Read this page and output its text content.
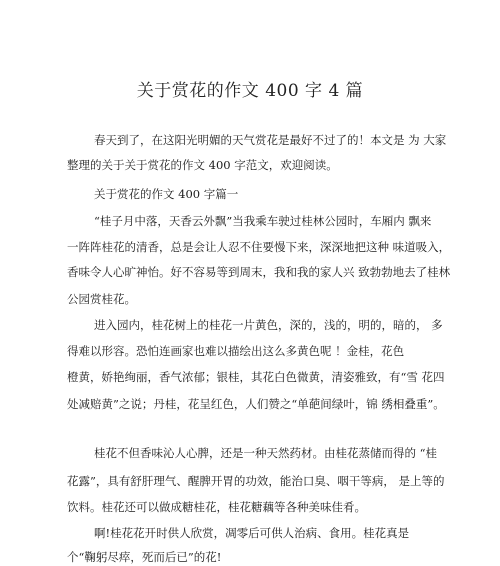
关于赏花的作文 400 字 4 篇
春天到了，在这阳光明媚的天气赏花是最好不过了的！本文是 为 大家
整理的关于关于赏花的作文 400 字范文，欢迎阅读。
关于赏花的作文 400 字篇一
“桂子月中落，天香云外飘”当我乘车驶过桂林公园时，车厢内 飘来
一阵阵桂花的清香，总是会让人忍不住要慢下来，深深地把这种 味道吸入，
香味令人心旷神怡。好不容易等到周末，我和我的家人兴 致勃勃地去了桂林
公园赏桂花。
进入园内，桂花树上的桂花一片黄色，深的，浅的，明的，暗的， 多
得难以形容。恐怕连画家也难以描绘出这么多黄色呢 ！金桂，花色
橙黄，娇艳绚丽，香气浓郁；银桂，其花白色微黄，清姿雅致，有“雪 花四
处减赔黄”之说；丹桂，花呈红色，人们赞之“单葩间绿叶，锦 绣相叠重”。
桂花不但香味沁人心脾，还是一种天然药材。由桂花蒸储而得的 “桂
花露”，具有舒肝理气、醒脾开胃的功效，能治口臭、咽干等病， 是上等的
饮料。桂花还可以做成糖桂花，桂花糖藕等各种美味佳肴。
啊!桂花花开时供人欣赏，凋零后可供人治病、食用。桂花真是
个“鞠躬尽瘁，死而后已”的花!
